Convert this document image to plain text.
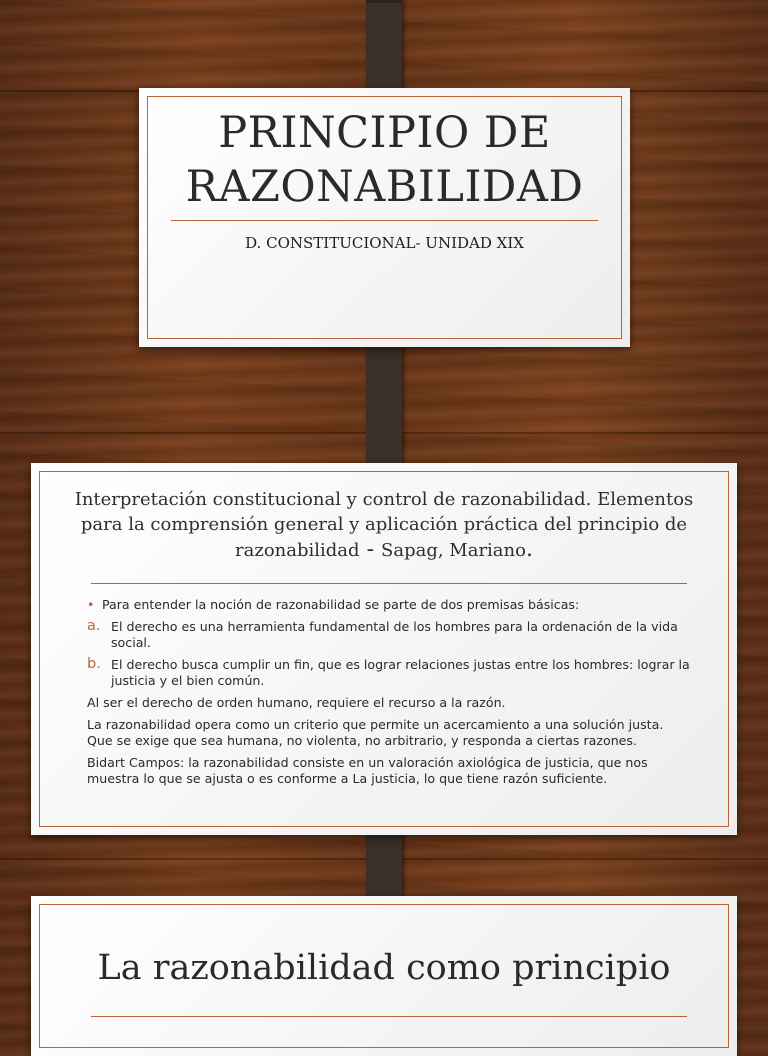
PRINCIPIO DE RAZONABILIDAD

D. CONSTITUCIONAL- UNIDAD XIX

Interpretación constitucional y control de razonabilidad. Elementos para la comprensión general y aplicación práctica del principio de razonabilidad - Sapag, Mariano.
• Para entender la noción de razonabilidad se parte de dos premisas básicas:
a. El derecho es una herramienta fundamental de los hombres para la ordenación de la vida social.
b. El derecho busca cumplir un fin, que es lograr relaciones justas entre los hombres: lograr la justicia y el bien común.

Al ser el derecho de orden humano, requiere el recurso a la razón.

La razonabilidad opera como un criterio que permite un acercamiento a una solución justa. Que se exige que sea humana, no violenta, no arbitrario, y responda a ciertas razones.

Bidart Campos: la razonabilidad consiste en un valoración axiológica de justicia, que nos muestra lo que se ajusta o es conforme a La justicia, lo que tiene razón suficiente.

La razonabilidad como principio
